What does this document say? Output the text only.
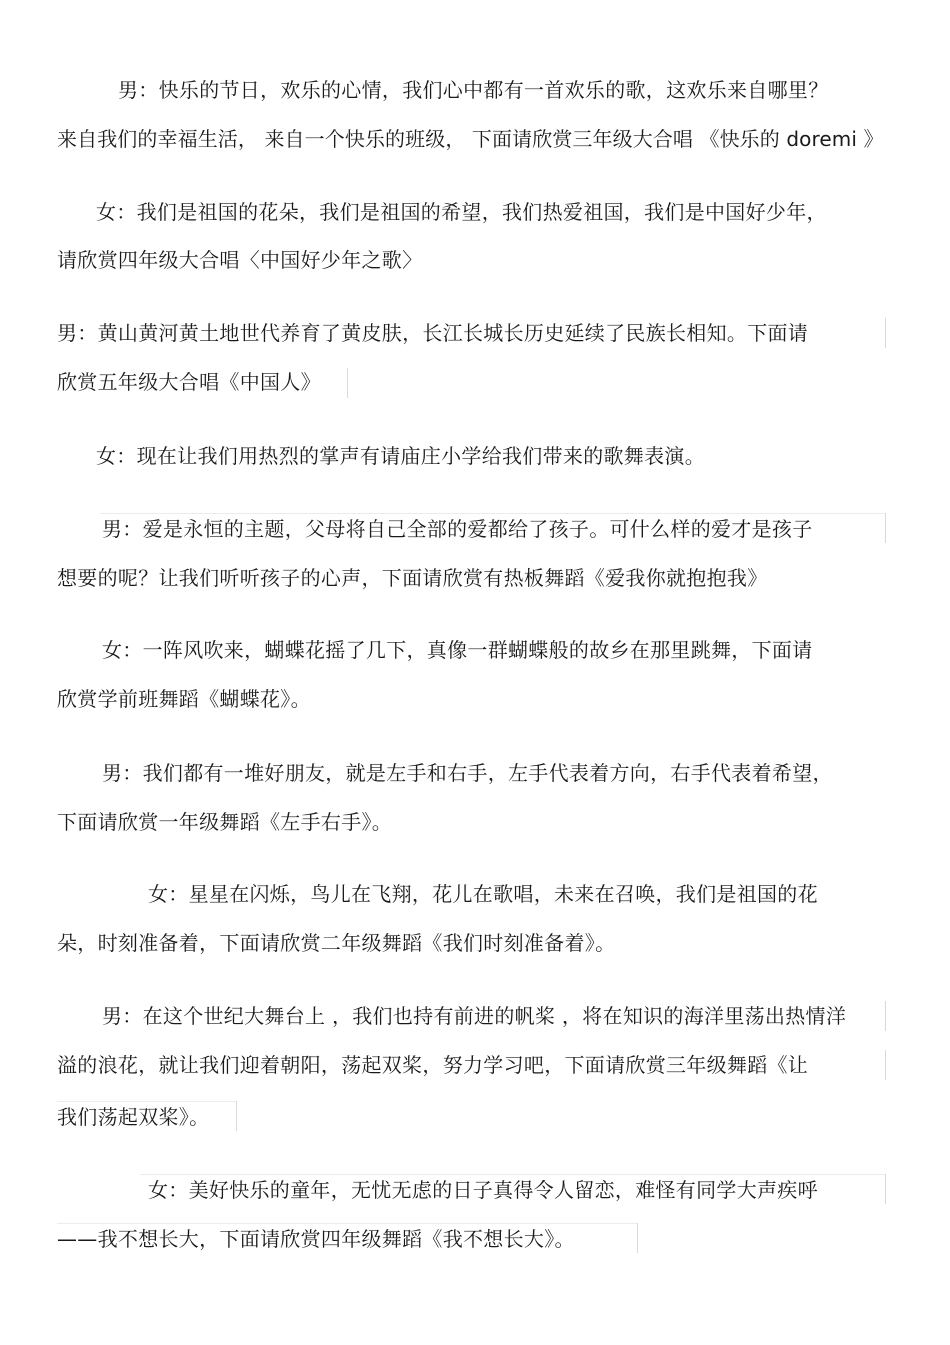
男：快乐的节日，欢乐的心情，我们心中都有一首欢乐的歌，这欢乐来自哪里？
来自我们的幸福生活， 来自一个快乐的班级， 下面请欣赏三年级大合唱 《快乐的 doremi 》
女：我们是祖国的花朵，我们是祖国的希望，我们热爱祖国，我们是中国好少年，
请欣赏四年级大合唱〈中国好少年之歌〉
男：黄山黄河黄土地世代养育了黄皮肤，长江长城长历史延续了民族长相知。下面请
欣赏五年级大合唱《中国人》
女：现在让我们用热烈的掌声有请庙庄小学给我们带来的歌舞表演。
男：爱是永恒的主题，父母将自己全部的爱都给了孩子。可什么样的爱才是孩子
想要的呢？让我们听听孩子的心声，下面请欣赏有热板舞蹈《爱我你就抱抱我》
女：一阵风吹来，蝴蝶花摇了几下，真像一群蝴蝶般的故乡在那里跳舞，下面请
欣赏学前班舞蹈《蝴蝶花》。
男：我们都有一堆好朋友，就是左手和右手，左手代表着方向，右手代表着希望，
下面请欣赏一年级舞蹈《左手右手》。
女：星星在闪烁，鸟儿在飞翔，花儿在歌唱，未来在召唤，我们是祖国的花
朵，时刻准备着，下面请欣赏二年级舞蹈《我们时刻准备着》。
男：在这个世纪大舞台上 ，我们也持有前进的帆桨 ，将在知识的海洋里荡出热情洋
溢的浪花，就让我们迎着朝阳，荡起双桨，努力学习吧，下面请欣赏三年级舞蹈《让
我们荡起双桨》。
女：美好快乐的童年，无忧无虑的日子真得令人留恋，难怪有同学大声疾呼
——我不想长大，下面请欣赏四年级舞蹈《我不想长大》。
